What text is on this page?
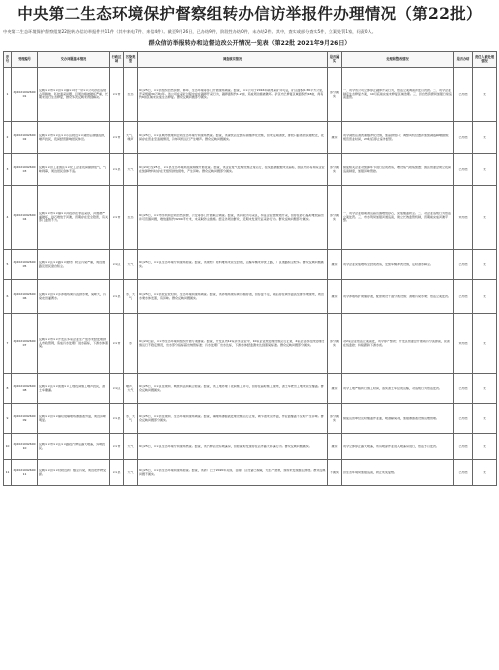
中央第二生态环境保护督察组转办信访举报件办理情况（第22批）
中央第二生态环境保护督察组第22批转办信访举报件共11件（其中来电7件、来信4件）。截至9月26日，已办结9件，阶段性办结0件，未办结2件。其中，查实或部分查实5件，立案处罚1家，问责0人。
群众信访举报转办和边督边改公开情况一览表（第22批 2021年9月26日）
序号	受理编号	交办问题基本情况	行政区域	污染类型	调查核实情况	是否属实	处理和整改情况	是否办结	责任人被处理情况

1	XJ202109260001	反映××市××县××镇××村一带××公司存在违规占用耕地、私挖滥采问题，且周边植被破坏严重，长期未进行生态修复，群众多次反映未得到解决。	××市	生态	9月25日，××县组织自然资源、林草、生态环境等部门开展现场调查。经查，××公司于2016年取得采矿许可证，矿区面积0.36平方公里，开采规模30万吨/年。该公司在采矿过程中存在越界开采行为，越界面积约1.2亩，造成周边植被破坏。矿区内已修复区域面积约18亩，尚有约6亩区域未完成生态修复。群众反映问题部分属实。	部分属实	一、责令该公司立即停止越界开采行为，依法立案调查并处以罚款。二、责令企业制定生态修复方案，10月底前完成未修复区域治理。三、县自然资源局加强日常巡查监管。	已办结	无

2	XJ202109260002	反映××市××区××小区附近××餐饮店油烟直排，噪声扰民，夜间经营影响居民休息。	××市	大气、噪声	9月25日，××区城市管理局会同生态环境分局现场核查。经查，该餐饮店安装有油烟净化设施，但未定期清洗，排放口距离居民楼较近，夜间存在营业至凌晨情况，冷却风机运行产生噪声。群众反映问题属实。	属实	责令餐饮店清洗油烟净化设施，加高排放口；调整风机位置并加装减震降噪措施；规范营业时间，23时后停止室外经营。	已办结	无

3	XJ202109260003	反映××县工业园区××化工企业夜间偷排废气，气味刺鼻，周边居民身体不适。	××县	大气	9月24日至25日，××县生态环境局连续两晚开展夜查。经查，该企业废气处理设施正常运行，在线监测数据未见超标，园区内另有两家企业在装卸物料时存在无组织排放现象，产生异味。群众反映问题部分属实。	部分属实	督促相关企业对装卸环节进行密闭改造，增设集气收集装置；园区管委会建立夜间巡查制度，加强异味管控。	已办结	无

4	XJ202109260004	反映××市××镇××河段存在非法采砂，河道被严重破坏，砂石堆放于河滩，汛期存在安全隐患，有关部门监管不力。	××市	生态	9月25日，××市水利局会同自然资源、公安等部门开展联合调查。经查，该河段为可采区，持证企业按规划开采，但存在砂石临时堆放超出许可范围问题，堆放面积约3200平方米，未采取防尘措施。经走访周边群众，近期未发现无证采砂行为。群众反映问题部分属实。	部分属实	一、责令企业限期清运超范围堆放砂石，完成覆盖防尘。二、对企业违规行为依法立案处罚。三、市水利局加强河道巡查，建立长效监管机制，汛期前完成河滩平整。	未办结	无

5	XJ202109260005	反映××区××路××建材厂粉尘污染严重，周边道路及居民窗台积尘。	××区	大气	9月25日，××区生态环境分局现场检查。经查，该建材厂原料堆场未完全封闭，运输车辆未冲洗上路，厂区道路积尘较多。群众反映问题属实。	属实	责令企业完成堆场全封闭改造，安装车辆冲洗设施，定时洒水降尘。	已办结	无

6	XJ202109260006	反映××县××乡养殖场粪污直排水渠，臭味大，污染农田灌溉水。	××县	水、大气	9月25日，××县农业农村局、生态环境局现场调查。经查，该养殖场建有粪污储存池，但容量不足，雨后存在粪水溢流至排水渠现象，周边水渠水体发黑，有异味。群众反映问题属实。	属实	责令养殖场扩建储存池，配套建设干湿分离设施；清理污染水渠；依法立案处罚。	已办结	无

7	XJ202109260007	反映××市××开发区多家企业生产废水未经处理排入市政管网，造成污水处理厂进水超标，下游水体黑臭。	××市	水	9月24日起，××市生态环境局组织开展专项排查。经查，开发区内12家涉水企业中，10家企业预处理设施运行正常，2家企业存在预处理设施运行不稳定情况，出水部分指标超出纳管标准；污水处理厂出水达标，下游水体经监测未达到黑臭标准。群众反映问题部分属实。	部分属实	对2家企业依法立案查处，责令停产整改；开发区管委会开展雨污分流排查，完善在线监控；持续跟踪下游水质。	未办结	无

8	XJ202109260008	反映××区××街道××工地夜间施工噪声扰民，渣土车撒漏。	××区	噪声、大气	9月25日，××区住建局、城管执法局联合检查。经查，该工地办理了夜间施工许可，但存在超时施工现象，渣土车驶出工地未完全覆盖。群众反映问题属实。	属实	责令工地严格执行施工时间，落实渣土车密闭运输，对违规行为依法处罚。	已办结	无

9	XJ202109260009	反映××县××镇垃圾填埋场渗滤液外溢，周边异味明显。	××县	水、大气	9月25日，××县住建局、生态环境局现场调查。经查，填埋场渗滤液处理设施运行正常，调节池未见外溢，作业面覆盖不及时产生异味。群众反映问题部分属实。	部分属实	督促运营单位及时覆盖作业面，喷洒除臭剂，加强渗滤液设施运维管理。	已办结	无

10	XJ202109260010	反映××市××区××路段汽修店露天喷漆，异味扰民。	××市	大气	9月25日，××区生态环境分局现场核查。经查，该汽修店设有喷漆房，但检查时发现存在店外露天补漆行为。群众反映问题属实。	属实	责令立即停止露天喷漆，所有喷涂作业进入喷漆房进行，依法予以处罚。	已办结	无

11	XJ202109260011	反映××县××村附近砖厂烟尘污染，周边农作物受损。	××县	大气	9月25日，××县生态环境局现场检查。经查，该砖厂已于2020年关停，目前厂区设备已拆除，无生产迹象，现场未发现烟尘排放。群众反映问题不属实。	不属实	县生态环境局加强巡查，防止死灰复燃。	已办结	无
